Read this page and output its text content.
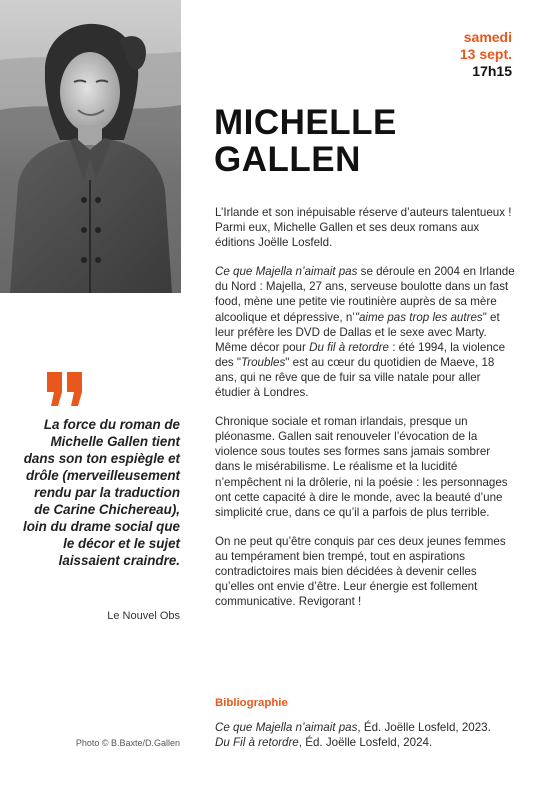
samedi
13 sept.
17h15
MICHELLE
GALLEN

L’Irlande et son inépuisable réserve d’auteurs talentueux ! Parmi eux, Michelle Gallen et ses deux romans aux éditions Joëlle Losfeld.

Ce que Majella n’aimait pas se déroule en 2004 en Irlande du Nord : Majella, 27 ans, serveuse boulotte dans un fast food, mène une petite vie routinière auprès de sa mère alcoolique et dépressive, n’"aime pas trop les autres" et leur préfère les DVD de Dallas et le sexe avec Marty. Même décor pour Du fil à retordre : été 1994, la violence des "Troubles" est au cœur du quotidien de Maeve, 18 ans, qui ne rêve que de fuir sa ville natale pour aller étudier à Londres.

Chronique sociale et roman irlandais, presque un pléonasme. Gallen sait renouveler l’évocation de la violence sous toutes ses formes sans jamais sombrer dans le misérabilisme. Le réalisme et la lucidité n’empêchent ni la drôlerie, ni la poésie : les personnages ont cette capacité à dire le monde, avec la beauté d’une simplicité crue, dans ce qu’il a parfois de plus terrible.

On ne peut qu’être conquis par ces deux jeunes femmes au tempérament bien trempé, tout en aspirations contradictoires mais bien décidées à devenir celles qu’elles ont envie d’être. Leur énergie est follement communicative. Revigorant !

La force du roman de Michelle Gallen tient dans son ton espiègle et drôle (merveilleusement rendu par la traduction de Carine Chichereau), loin du drame social que le décor et le sujet laissaient craindre.

Le Nouvel Obs
Bibliographie
Ce que Majella n’aimait pas, Éd. Joëlle Losfeld, 2023.
Du Fil à retordre, Éd. Joëlle Losfeld, 2024.
Photo © B.Baxte/D.Gallen
